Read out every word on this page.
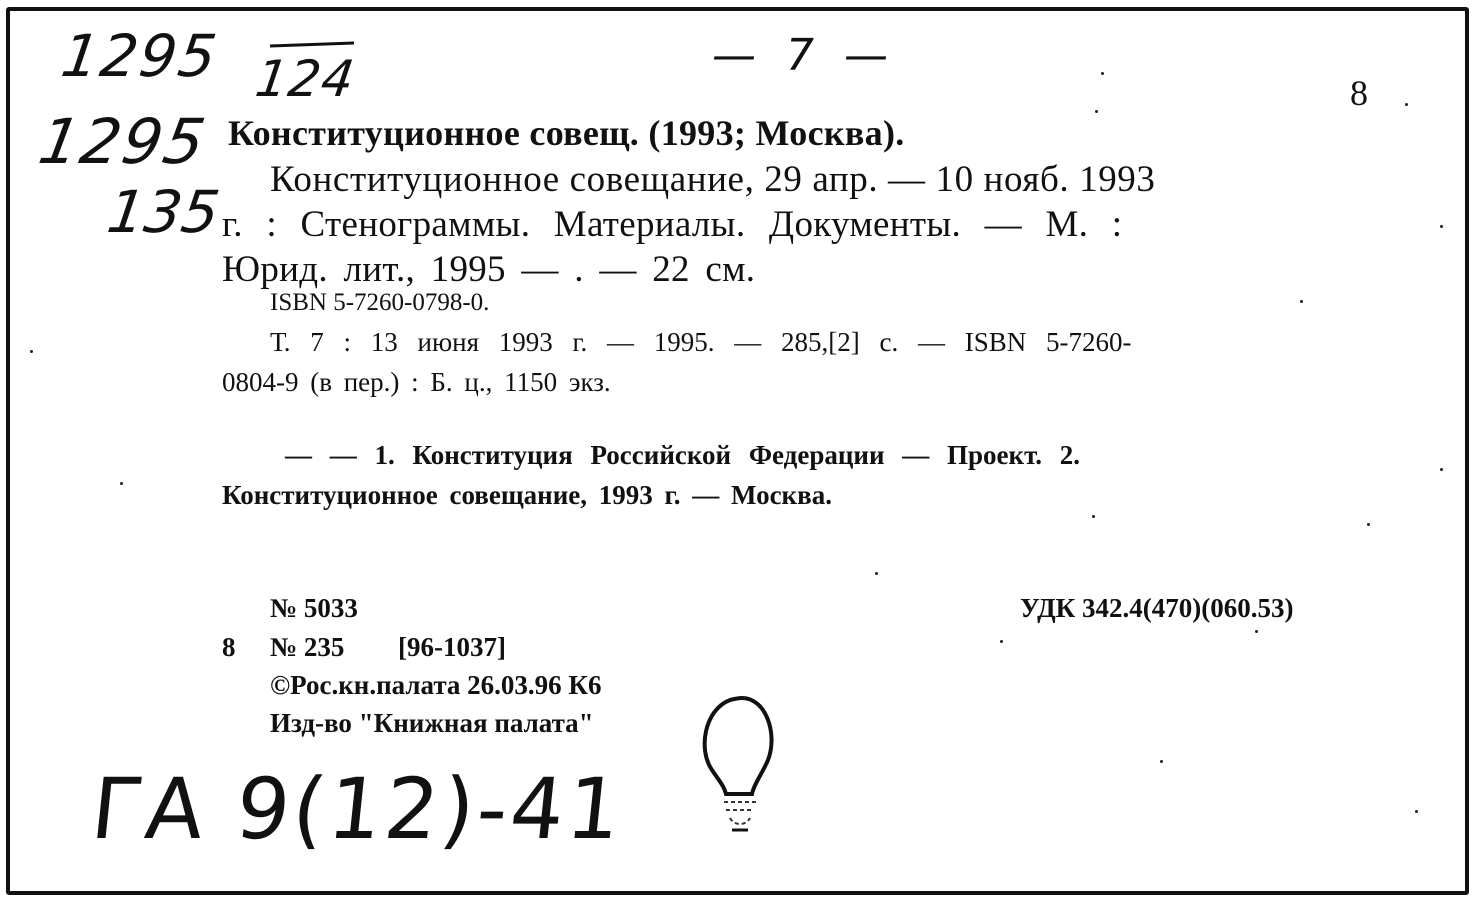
1295 124	— 7 —
1295
135
ГА 9(12)-41
8
Конституционное совещ. (1993; Москва).
Конституционное совещание, 29 апр. — 10 нояб. 1993
г. : Стенограммы. Материалы. Документы. — М. :
Юрид. лит., 1995 — . — 22 см.
ISBN 5-7260-0798-0.
Т. 7 : 13 июня 1993 г. — 1995. — 285,[2] с. — ISBN 5-7260-
0804-9 (в пер.) : Б. ц., 1150 экз.
— — 1. Конституция Российской Федерации — Проект. 2.
Конституционное совещание, 1993 г. — Москва.
№ 5033	УДК 342.4(470)(060.53)
8 № 235 [96-1037]
©Рос.кн.палата 26.03.96 К6
Изд-во "Книжная палата"
